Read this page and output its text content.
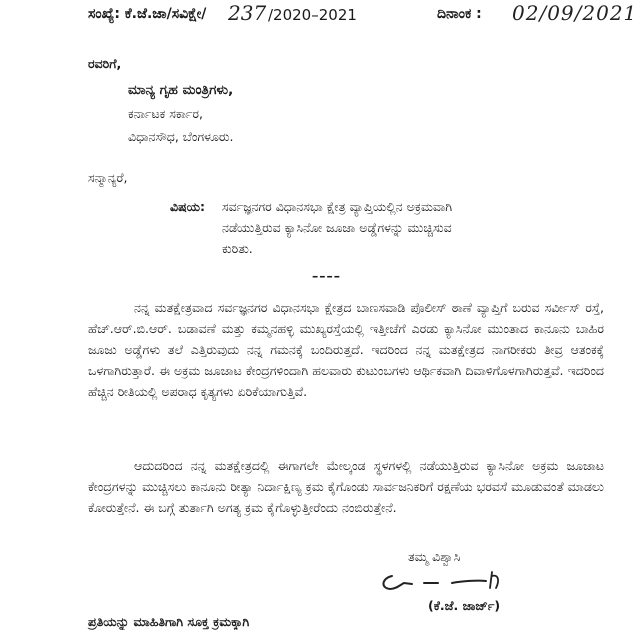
ಸಂಖ್ಯೆ: ಕೆ.ಜೆ.ಜಾ/ಸವಿಕ್ಷೇ/ 237 /2020–2021	ದಿನಾಂಕ : 02/09/2021
ರವರಿಗೆ,
ಮಾನ್ಯ ಗೃಹ ಮಂತ್ರಿಗಳು,
ಕರ್ನಾಟಕ ಸರ್ಕಾರ,
ವಿಧಾನಸೌಧ, ಬೆಂಗಳೂರು.
ಸನ್ಮಾನ್ಯರೆ,
ವಿಷಯ: ಸರ್ವಜ್ಞನಗರ ವಿಧಾನಸಭಾ ಕ್ಷೇತ್ರ ವ್ಯಾಪ್ತಿಯಲ್ಲಿನ ಅಕ್ರಮವಾಗಿ
ನಡೆಯುತ್ತಿರುವ ಕ್ಯಾಸಿನೋ ಜೂಜಾ ಅಡ್ಡೆಗಳನ್ನು ಮುಚ್ಚಿಸುವ
ಕುರಿತು.
––––
ನನ್ನ ಮತಕ್ಷೇತ್ರವಾದ ಸರ್ವಜ್ಞನಗರ ವಿಧಾನಸಭಾ ಕ್ಷೇತ್ರದ ಬಾಣಸವಾಡಿ ಪೊಲೀಸ್ ಠಾಣೆ ವ್ಯಾಪ್ತಿಗೆ ಬರುವ ಸರ್ವೀಸ್ ರಸ್ತೆ, ಹೆಚ್.ಆರ್.ಬಿ.ಆರ್. ಬಡಾವಣೆ ಮತ್ತು ಕಮ್ಮನಹಳ್ಳಿ ಮುಖ್ಯರಸ್ತೆಯಲ್ಲಿ ಇತ್ತೀಚೆಗೆ ಎರಡು ಕ್ಯಾಸಿನೋ ಮುಂತಾದ ಕಾನೂನು ಬಾಹಿರ ಜೂಜು ಅಡ್ಡೆಗಳು ತಲೆ ಎತ್ತಿರುವುದು ನನ್ನ ಗಮನಕ್ಕೆ ಬಂದಿರುತ್ತದೆ. ಇದರಿಂದ ನನ್ನ ಮತಕ್ಷೇತ್ರದ ನಾಗರೀಕರು ತೀವ್ರ ಆತಂಕಕ್ಕೆ ಒಳಗಾಗಿರುತ್ತಾರೆ. ಈ ಅಕ್ರಮ ಜೂಜಾಟ ಕೇಂದ್ರಗಳಿಂದಾಗಿ ಹಲವಾರು ಕುಟುಂಬಗಳು ಆರ್ಥಿಕವಾಗಿ ದಿವಾಳಿಗೊಳಗಾಗಿರುತ್ತವೆ. ಇದರಿಂದ ಹೆಚ್ಚಿನ ರೀತಿಯಲ್ಲಿ ಅಪರಾಧ ಕೃತ್ಯಗಳು ಏರಿಕೆಯಾಗುತ್ತಿವೆ.
ಆದುದರಿಂದ ನನ್ನ ಮತಕ್ಷೇತ್ರದಲ್ಲಿ ಈಗಾಗಲೇ ಮೇಲ್ಕಂಡ ಸ್ಥಳಗಳಲ್ಲಿ ನಡೆಯುತ್ತಿರುವ ಕ್ಯಾಸಿನೋ ಅಕ್ರಮ ಜೂಜಾಟ ಕೇಂದ್ರಗಳನ್ನು ಮುಚ್ಚಿಸಲು ಕಾನೂನು ರೀತ್ಯಾ ನಿರ್ದಾಕ್ಷಿಣ್ಯ ಕ್ರಮ ಕೈಗೊಂಡು ಸಾರ್ವಜನಿಕರಿಗೆ ರಕ್ಷಣೆಯ ಭರವಸೆ ಮೂಡುವಂತೆ ಮಾಡಲು ಕೋರುತ್ತೇನೆ. ಈ ಬಗ್ಗೆ ತುರ್ತಾಗಿ ಅಗತ್ಯ ಕ್ರಮ ಕೈಗೊಳ್ಳುತ್ತೀರೆಂದು ನಂಬಿರುತ್ತೇನೆ.
ತಮ್ಮ ವಿಶ್ವಾಸಿ
(ಕೆ.ಜೆ. ಜಾರ್ಜ್)
ಪ್ರತಿಯನ್ನು ಮಾಹಿತಿಗಾಗಿ ಸೂಕ್ತ ಕ್ರಮಕ್ಕಾಗಿ
